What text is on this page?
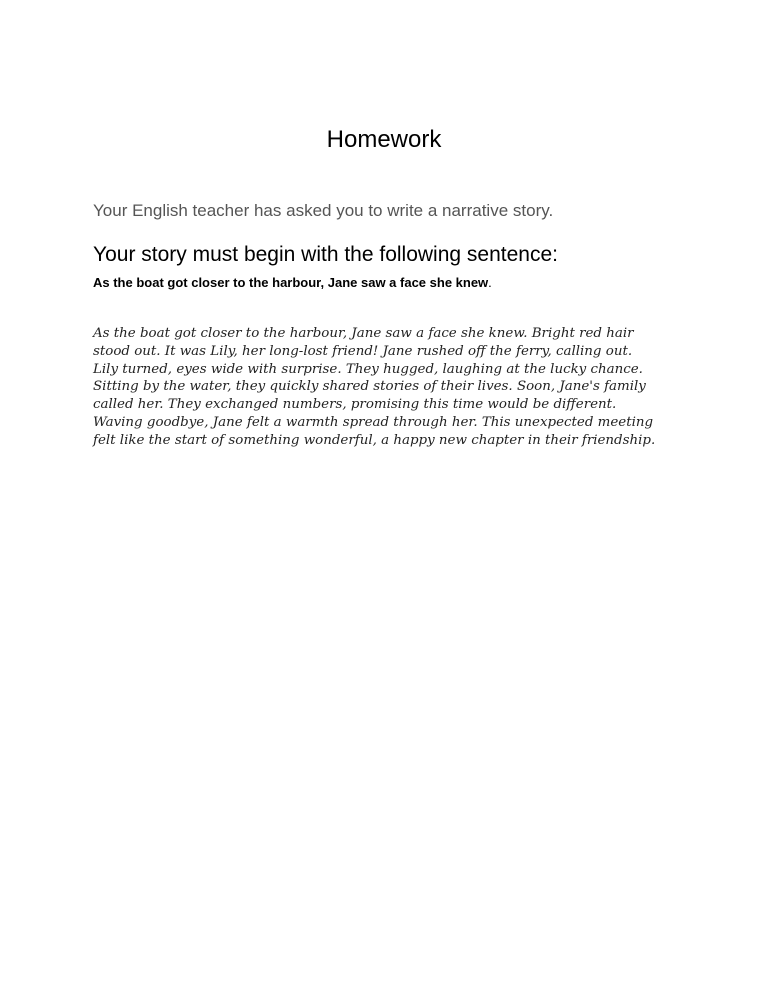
Homework

Your English teacher has asked you to write a narrative story.

Your story must begin with the following sentence:

As the boat got closer to the harbour, Jane saw a face she knew.

As the boat got closer to the harbour, Jane saw a face she knew. Bright red hair
stood out. It was Lily, her long-lost friend! Jane rushed off the ferry, calling out.
Lily turned, eyes wide with surprise. They hugged, laughing at the lucky chance.
Sitting by the water, they quickly shared stories of their lives. Soon, Jane's family
called her. They exchanged numbers, promising this time would be different.
Waving goodbye, Jane felt a warmth spread through her. This unexpected meeting
felt like the start of something wonderful, a happy new chapter in their friendship.
